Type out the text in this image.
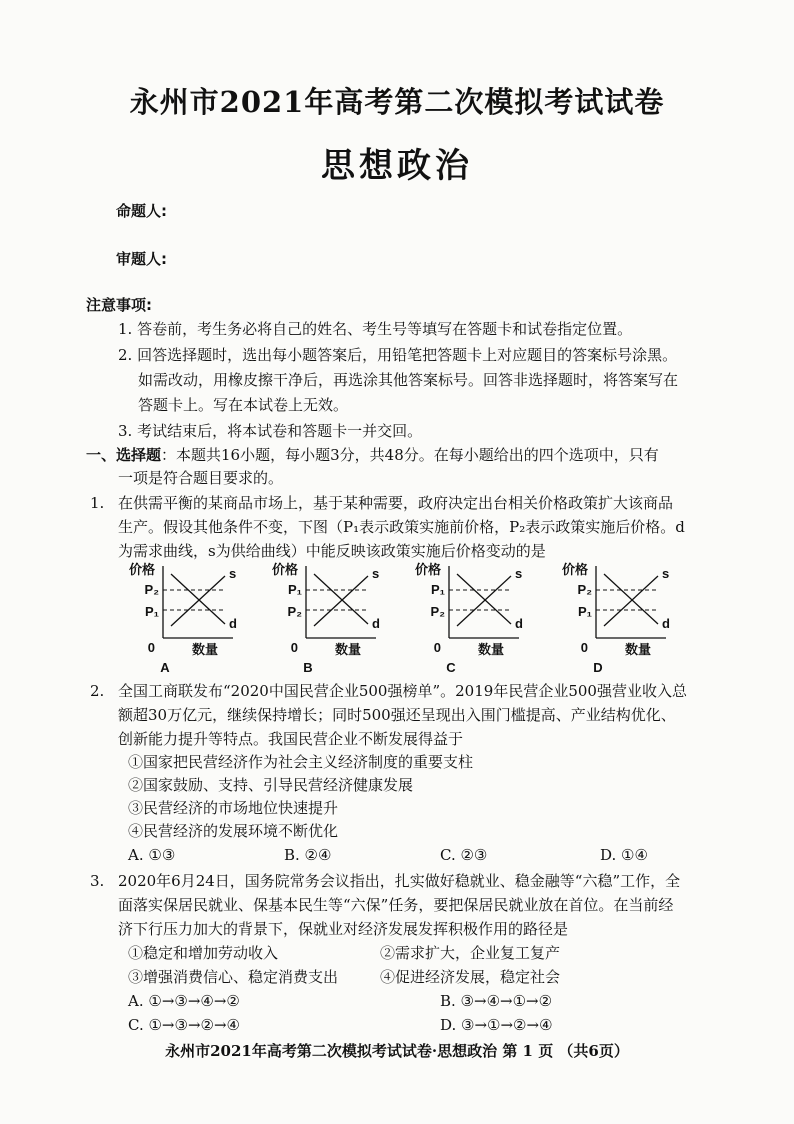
永州市2021年高考第二次模拟考试试卷
思想政治
命题人:
审题人:
注意事项:
1. 答卷前，考生务必将自己的姓名、考生号等填写在答题卡和试卷指定位置。
2. 回答选择题时，选出每小题答案后，用铅笔把答题卡上对应题目的答案标号涂黑。
如需改动，用橡皮擦干净后，再选涂其他答案标号。回答非选择题时，将答案写在
答题卡上。写在本试卷上无效。
3. 考试结束后，将本试卷和答题卡一并交回。
一、选择题：本题共16小题，每小题3分，共48分。在每小题给出的四个选项中，只有
一项是符合题目要求的。
1. 在供需平衡的某商品市场上，基于某种需要，政府决定出台相关价格政策扩大该商品
生产。假设其他条件不变，下图（P₁表示政策实施前价格，P₂表示政策实施后价格。d
为需求曲线，s为供给曲线）中能反映该政策实施后价格变动的是
价格
P₂
P₁
s
d
0	数量
A
价格
P₁
P₂
s
d
0	数量
B
价格
P₁
P₂
s
d
0	数量
C
价格
P₂
P₁
s
d
0	数量
D
2. 全国工商联发布“2020中国民营企业500强榜单”。2019年民营企业500强营业收入总
额超30万亿元，继续保持增长；同时500强还呈现出入围门槛提高、产业结构优化、
创新能力提升等特点。我国民营企业不断发展得益于
①国家把民营经济作为社会主义经济制度的重要支柱
②国家鼓励、支持、引导民营经济健康发展
③民营经济的市场地位快速提升
④民营经济的发展环境不断优化
A. ①③	B. ②④	C. ②③	D. ①④
3. 2020年6月24日，国务院常务会议指出，扎实做好稳就业、稳金融等“六稳”工作，全
面落实保居民就业、保基本民生等“六保”任务，要把保居民就业放在首位。在当前经
济下行压力加大的背景下，保就业对经济发展发挥积极作用的路径是
①稳定和增加劳动收入	②需求扩大，企业复工复产
③增强消费信心、稳定消费支出	④促进经济发展，稳定社会
A. ①→③→④→②	B. ③→④→①→②
C. ①→③→②→④	D. ③→①→②→④
永州市2021年高考第二次模拟考试试卷·思想政治 第 1 页 （共6页）
